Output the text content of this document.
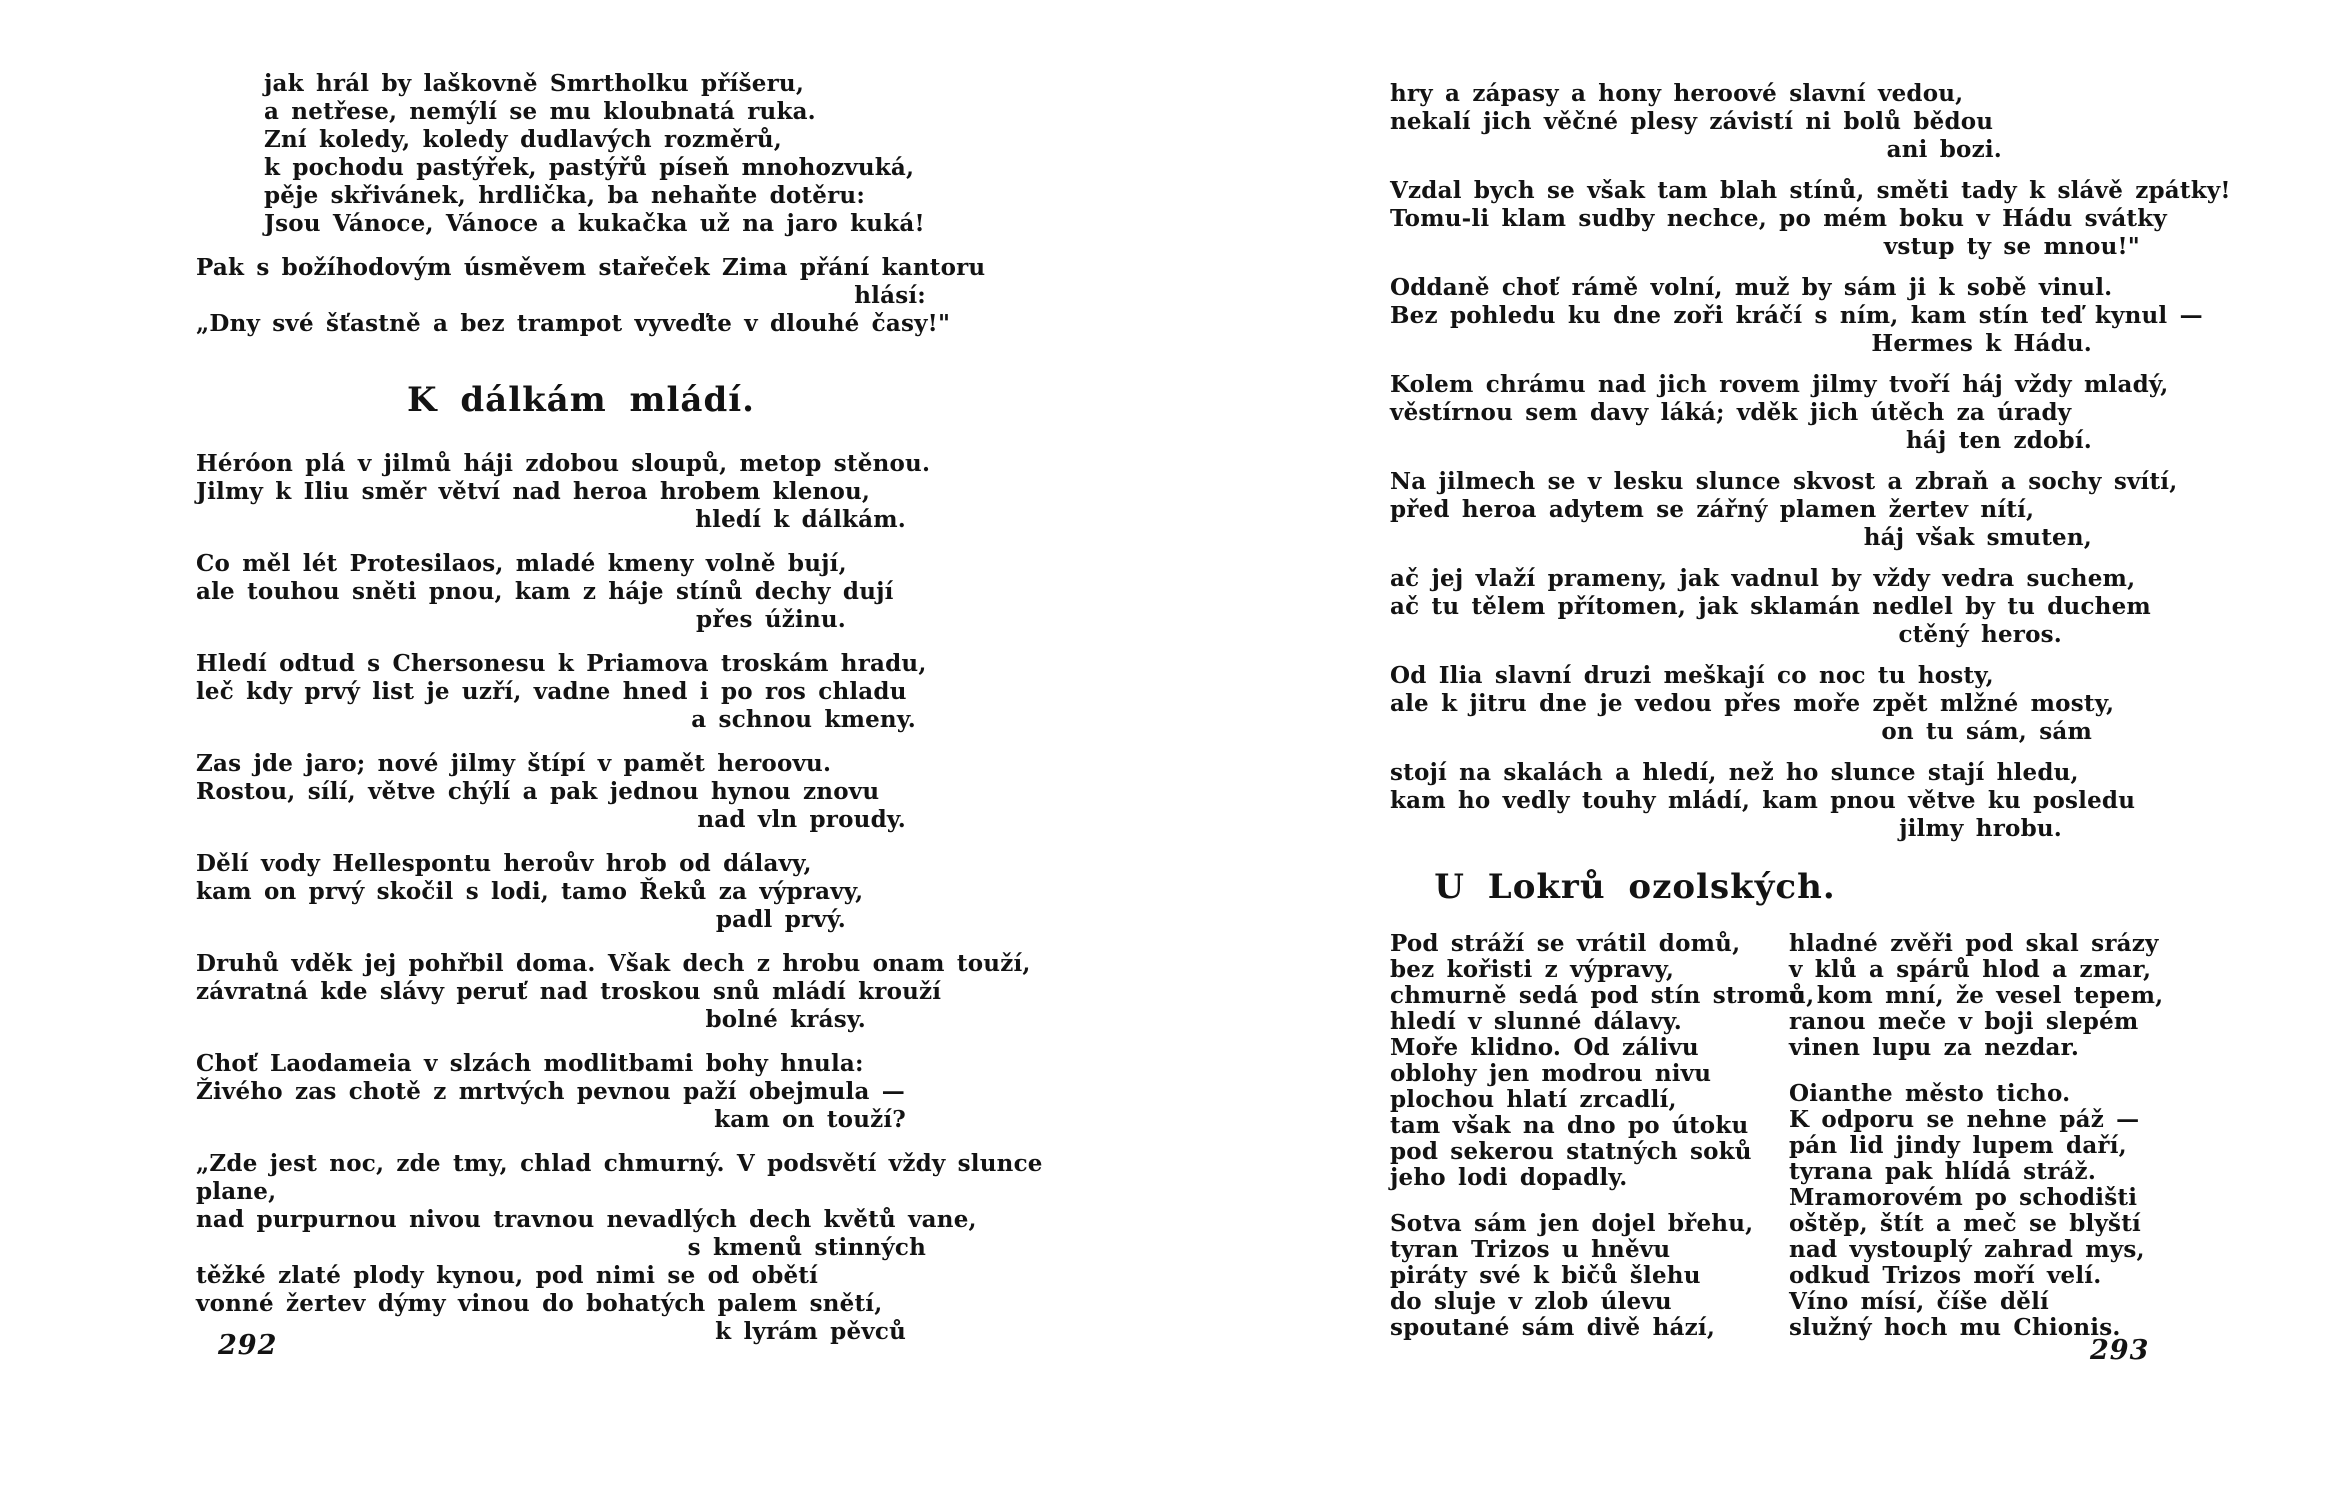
jak hrál by laškovně Smrtholku příšeru,

a netřese, nemýlí se mu kloubnatá ruka.

Zní koledy, koledy dudlavých rozměrů,

k pochodu pastýřek, pastýřů píseň mnohozvuká,

pěje skřivánek, hrdlička, ba nehaňte dotěru:

Jsou Vánoce, Vánoce a kukačka už na jaro kuká!

Pak s božíhodovým úsměvem stařeček Zima přání kantoru

hlásí:

„Dny své šťastně a bez trampot vyveďte v dlouhé časy!"

K dálkám mládí.

Héróon plá v jilmů háji zdobou sloupů, metop stěnou.

Jilmy k Iliu směr větví nad heroa hrobem klenou,

hledí k dálkám.

Co měl lét Protesilaos, mladé kmeny volně bují,

ale touhou sněti pnou, kam z háje stínů dechy dují

přes úžinu.

Hledí odtud s Chersonesu k Priamova troskám hradu,

leč kdy prvý list je uzří, vadne hned i po ros chladu

a schnou kmeny.

Zas jde jaro; nové jilmy štípí v pamět heroovu.

Rostou, sílí, větve chýlí a pak jednou hynou znovu

nad vln proudy.

Dělí vody Hellespontu heroův hrob od dálavy,

kam on prvý skočil s lodi, tamo Řeků za výpravy,

padl prvý.

Druhů vděk jej pohřbil doma. Však dech z hrobu onam touží,

závratná kde slávy peruť nad troskou snů mládí krouží

bolné krásy.

Choť Laodameia v slzách modlitbami bohy hnula:

Živého zas chotě z mrtvých pevnou paží obejmula —

kam on touží?

„Zde jest noc, zde tmy, chlad chmurný. V podsvětí vždy slunce

plane,

nad purpurnou nivou travnou nevadlých dech květů vane,

s kmenů stinných

těžké zlaté plody kynou, pod nimi se od obětí

vonné žertev dýmy vinou do bohatých palem snětí,

k lyrám pěvců

292

hry a zápasy a hony heroové slavní vedou,

nekalí jich věčné plesy závistí ni bolů bědou

ani bozi.

Vzdal bych se však tam blah stínů, směti tady k slávě zpátky!

Tomu-li klam sudby nechce, po mém boku v Hádu svátky

vstup ty se mnou!"

Oddaně choť rámě volní, muž by sám ji k sobě vinul.

Bez pohledu ku dne zoři kráčí s ním, kam stín teď kynul —

Hermes k Hádu.

Kolem chrámu nad jich rovem jilmy tvoří háj vždy mladý,

věstírnou sem davy láká; vděk jich útěch za úrady

háj ten zdobí.

Na jilmech se v lesku slunce skvost a zbraň a sochy svítí,

před heroa adytem se zářný plamen žertev nítí,

háj však smuten,

ač jej vlaží prameny, jak vadnul by vždy vedra suchem,

ač tu tělem přítomen, jak sklamán nedlel by tu duchem

ctěný heros.

Od Ilia slavní druzi meškají co noc tu hosty,

ale k jitru dne je vedou přes moře zpět mlžné mosty,

on tu sám, sám

stojí na skalách a hledí, než ho slunce stají hledu,

kam ho vedly touhy mládí, kam pnou větve ku posledu

jilmy hrobu.

U Lokrů ozolských.

Pod stráží se vrátil domů,

bez kořisti z výpravy,

chmurně sedá pod stín stromů,

hledí v slunné dálavy.

Moře klidno. Od zálivu

oblohy jen modrou nivu

plochou hlatí zrcadlí,

tam však na dno po útoku

pod sekerou statných soků

jeho lodi dopadly.

Sotva sám jen dojel břehu,

tyran Trizos u hněvu

piráty své k bičů šlehu

do sluje v zlob úlevu

spoutané sám divě hází,

hladné zvěři pod skal srázy

v klů a spárů hlod a zmar,

o kom mní, že vesel tepem,

ranou meče v boji slepém

vinen lupu za nezdar.

Oianthe město ticho.

K odporu se nehne páž —

pán lid jindy lupem daří,

tyrana pak hlídá stráž.

Mramorovém po schodišti

oštěp, štít a meč se blyští

nad vystouplý zahrad mys,

odkud Trizos moří velí.

Víno mísí, číše dělí

služný hoch mu Chionis.

293
